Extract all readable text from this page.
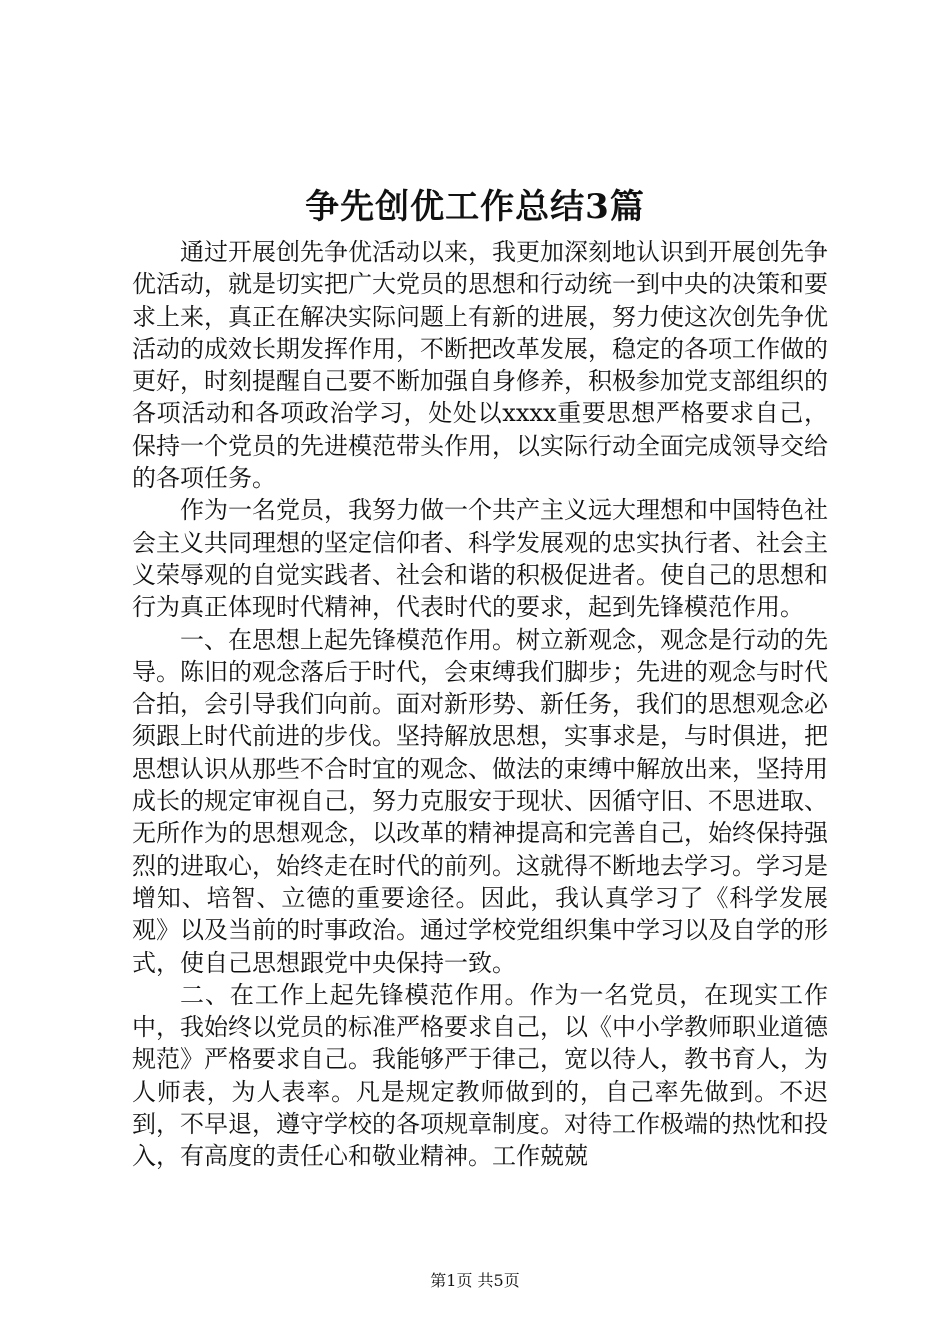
争先创优工作总结3篇

通过开展创先争优活动以来，我更加深刻地认识到开展创先争优活动，就是切实把广大党员的思想和行动统一到中央的决策和要求上来，真正在解决实际问题上有新的进展，努力使这次创先争优活动的成效长期发挥作用，不断把改革发展，稳定的各项工作做的更好，时刻提醒自己要不断加强自身修养，积极参加党支部组织的各项活动和各项政治学习，处处以xxxx重要思想严格要求自己，保持一个党员的先进模范带头作用，以实际行动全面完成领导交给的各项任务。

作为一名党员，我努力做一个共产主义远大理想和中国特色社会主义共同理想的坚定信仰者、科学发展观的忠实执行者、社会主义荣辱观的自觉实践者、社会和谐的积极促进者。使自己的思想和行为真正体现时代精神，代表时代的要求，起到先锋模范作用。

一、在思想上起先锋模范作用。树立新观念，观念是行动的先导。陈旧的观念落后于时代，会束缚我们脚步；先进的观念与时代合拍，会引导我们向前。面对新形势、新任务，我们的思想观念必须跟上时代前进的步伐。坚持解放思想，实事求是，与时俱进，把思想认识从那些不合时宜的观念、做法的束缚中解放出来，坚持用成长的规定审视自己，努力克服安于现状、因循守旧、不思进取、无所作为的思想观念，以改革的精神提高和完善自己，始终保持强烈的进取心，始终走在时代的前列。这就得不断地去学习。学习是增知、培智、立德的重要途径。因此，我认真学习了《科学发展观》以及当前的时事政治。通过学校党组织集中学习以及自学的形式，使自己思想跟党中央保持一致。

二、在工作上起先锋模范作用。作为一名党员，在现实工作中，我始终以党员的标准严格要求自己，以《中小学教师职业道德规范》严格要求自己。我能够严于律己，宽以待人，教书育人，为人师表，为人表率。凡是规定教师做到的，自己率先做到。不迟到，不早退，遵守学校的各项规章制度。对待工作极端的热忱和投入，有高度的责任心和敬业精神。工作兢兢

第1页 共5页
